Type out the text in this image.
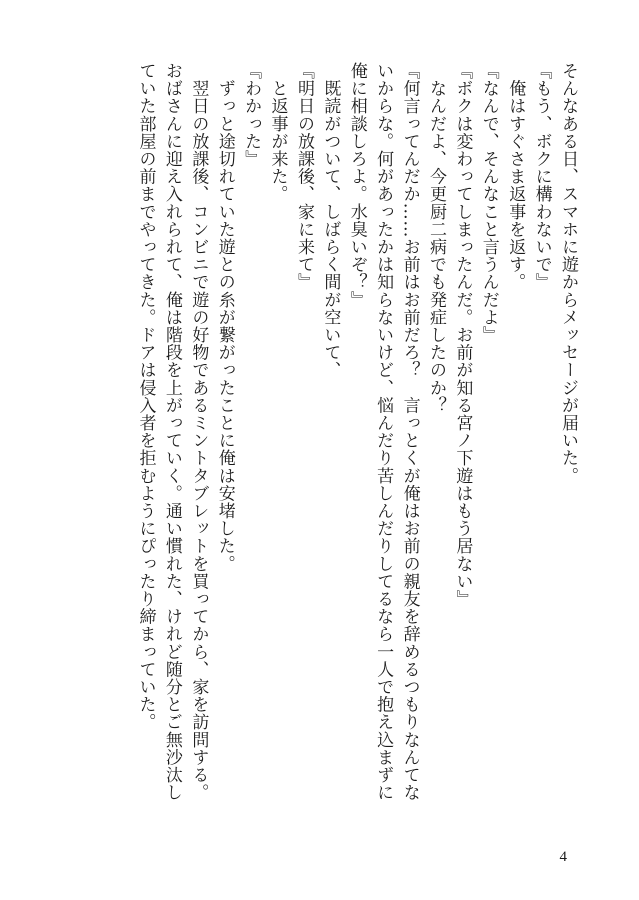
そんなある日、スマホに遊からメッセージが届いた。

『もう、ボクに構わないで』

　俺はすぐさま返事を返す。

『なんで、そんなこと言うんだよ』

『ボクは変わってしまったんだ。お前が知る宮ノ下遊はもう居ない』

　なんだよ、今更厨二病でも発症したのか？

『何言ってんだか……お前はお前だろ？　言っとくが俺はお前の親友を辞めるつもりなんてな

いからな。何があったかは知らないけど、悩んだり苦しんだりしてるなら一人で抱え込まずに

俺に相談しろよ。水臭いぞ？』

　既読がついて、しばらく間が空いて、

『明日の放課後、家に来て』

　と返事が来た。

『わかった』

　ずっと途切れていた遊との糸が繋がったことに俺は安堵した。

　翌日の放課後、コンビニで遊の好物であるミントタブレットを買ってから、家を訪問する。

おばさんに迎え入れられて、俺は階段を上がっていく。通い慣れた、けれど随分とご無沙汰し

ていた部屋の前までやってきた。ドアは侵入者を拒むようにぴったり締まっていた。

4
